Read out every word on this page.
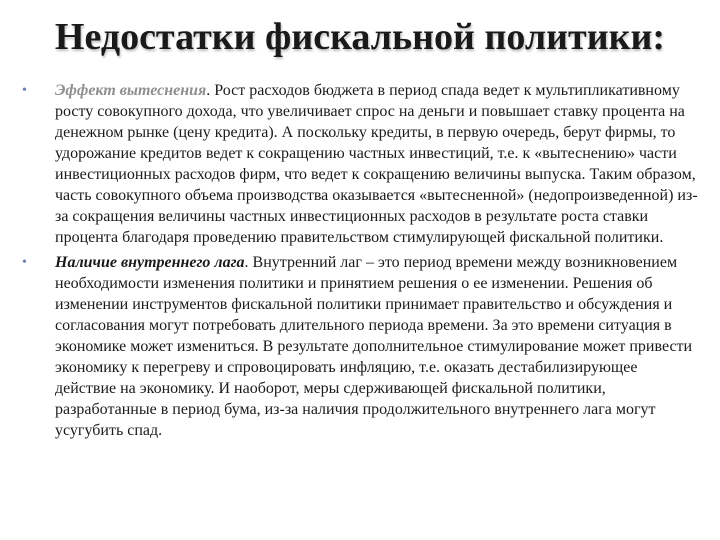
Недостатки фискальной политики:
• Эффект вытеснения. Рост расходов бюджета в период спада ведет к мультипликативному росту совокупного дохода, что увеличивает спрос на деньги и повышает ставку процента на денежном рынке (цену кредита). А поскольку кредиты, в первую очередь, берут фирмы, то удорожание кредитов ведет к сокращению частных инвестиций, т.е. к «вытеснению» части инвестиционных расходов фирм, что ведет к сокращению величины выпуска. Таким образом, часть совокупного объема производства оказывается «вытесненной» (недопроизведенной) из-за сокращения величины частных инвестиционных расходов в результате роста ставки процента благодаря проведению правительством стимулирующей фискальной политики.
• Наличие внутреннего лага. Внутренний лаг – это период времени между возникновением необходимости изменения политики и принятием решения о ее изменении. Решения об изменении инструментов фискальной политики принимает правительство и обсуждения и согласования могут потребовать длительного периода времени. За это времени ситуация в экономике может измениться. В результате дополнительное стимулирование может привести экономику к перегреву и спровоцировать инфляцию, т.е. оказать дестабилизирующее действие на экономику. И наоборот, меры сдерживающей фискальной политики, разработанные в период бума, из-за наличия продолжительного внутреннего лага могут усугубить спад.
